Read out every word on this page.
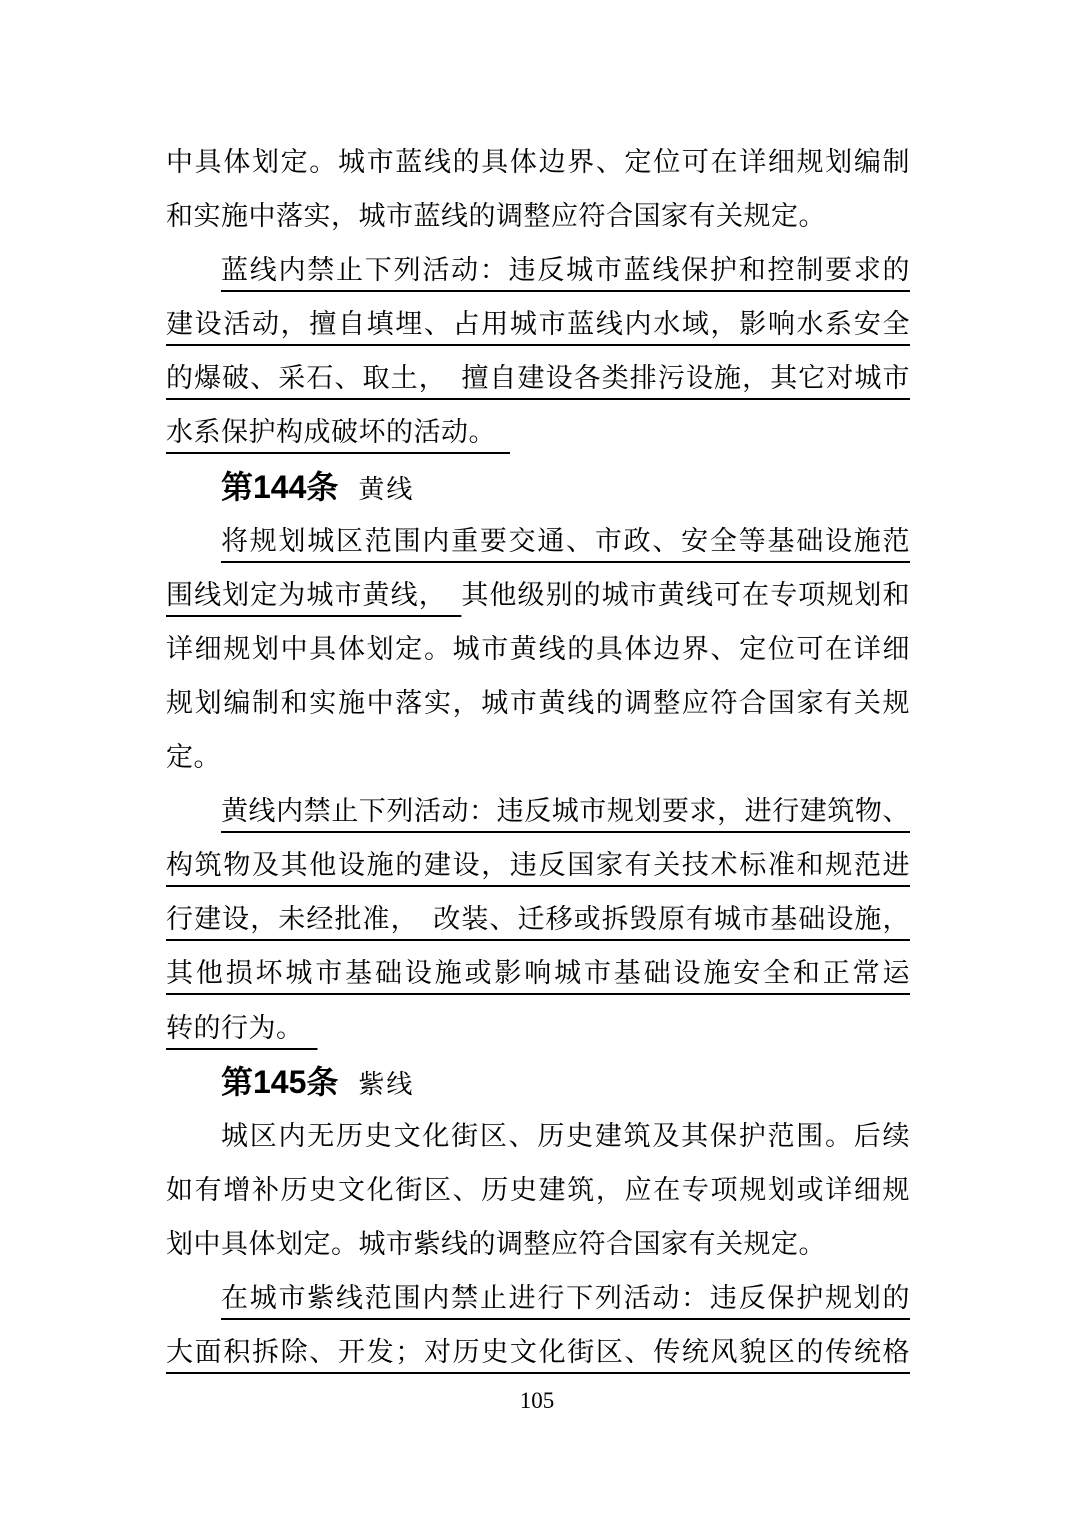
中具体划定。城市蓝线的具体边界、定位可在详细规划编制
和实施中落实，城市蓝线的调整应符合国家有关规定。
蓝线内禁止下列活动：违反城市蓝线保护和控制要求的
建设活动，擅自填埋、占用城市蓝线内水域，影响水系安全
的爆破、采石、取土， 擅自建设各类排污设施，其它对城市
水系保护构成破坏的活动。　
第144条 黄线
将规划城区范围内重要交通、市政、安全等基础设施范
围线划定为城市黄线，　其他级别的城市黄线可在专项规划和
详细规划中具体划定。城市黄线的具体边界、定位可在详细
规划编制和实施中落实，城市黄线的调整应符合国家有关规
定。
黄线内禁止下列活动：违反城市规划要求，进行建筑物、
构筑物及其他设施的建设，违反国家有关技术标准和规范进
行建设，未经批准， 改装、迁移或拆毁原有城市基础设施，
其他损坏城市基础设施或影响城市基础设施安全和正常运
转的行为。　
第145条 紫线
城区内无历史文化街区、历史建筑及其保护范围。后续
如有增补历史文化街区、历史建筑，应在专项规划或详细规
划中具体划定。城市紫线的调整应符合国家有关规定。
在城市紫线范围内禁止进行下列活动：违反保护规划的
大面积拆除、开发；对历史文化街区、传统风貌区的传统格
105
